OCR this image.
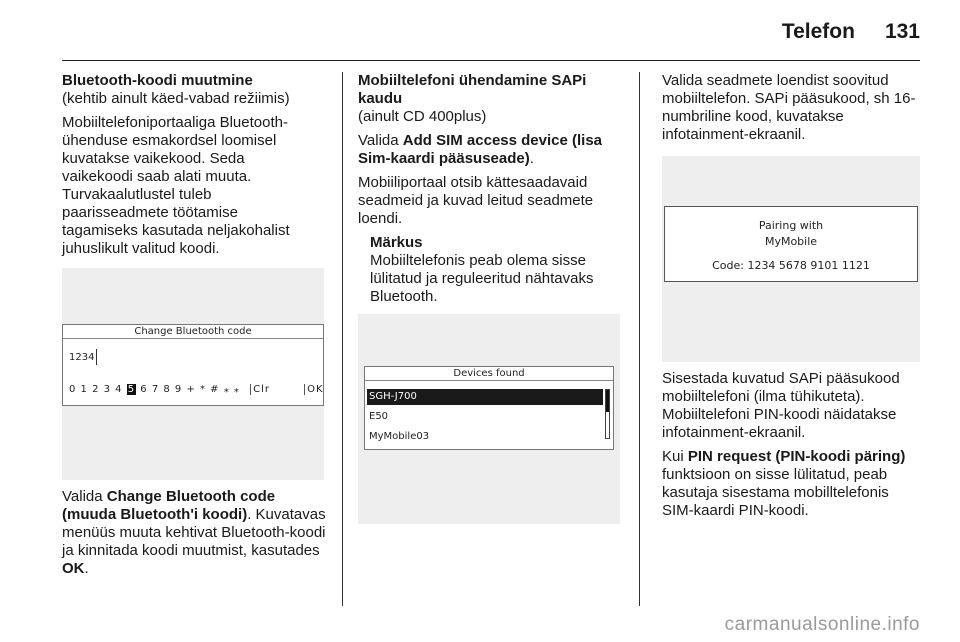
Telefon 131
Bluetooth-koodi muutmine

(kehtib ainult käed-vabad režiimis)

Mobiiltelefoniportaaliga Bluetooth-
ühenduse esmakordsel loomisel
kuvatakse vaikekood. Seda
vaikekoodi saab alati muuta.
Turvakaalutlustel tuleb
paarisseadmete töötamise
tagamiseks kasutada neljakohalist
juhuslikult valitud koodi.
Change Bluetooth code
1234
0 1 2 3 4 5 6 7 8 9 + * # ⁎ ⁎ Clr	OK

Valida Change Bluetooth code (muuda Bluetooth'i koodi). Kuvatavas menüüs muuta kehtivat Bluetooth-koodi ja kinnitada koodi muutmist, kasutades OK.

Mobiiltelefoni ühendamine SAPi kaudu

(ainult CD 400plus)

Valida Add SIM access device (lisa Sim-kaardi pääsuseade).

Mobiiliportaal otsib kättesaadavaid seadmeid ja kuvad leitud seadmete loendi.

Märkus
Mobiiltelefonis peab olema sisse lülitatud ja reguleeritud nähtavaks Bluetooth.
Devices found
SGH-J700
E50
MyMobile03

Valida seadmete loendist soovitud mobiiltelefon. SAPi pääsukood, sh 16-numbriline kood, kuvatakse infotainment-ekraanil.

Pairing with
MyMobile
Code: 1234 5678 9101 1121

Sisestada kuvatud SAPi pääsukood mobiiltelefoni (ilma tühikuteta). Mobiiltelefoni PIN-koodi näidatakse infotainment-ekraanil.

Kui PIN request (PIN-koodi päring) funktsioon on sisse lülitatud, peab kasutaja sisestama mobilltelefonis SIM-kaardi PIN-koodi.

carmanualsonline.info
